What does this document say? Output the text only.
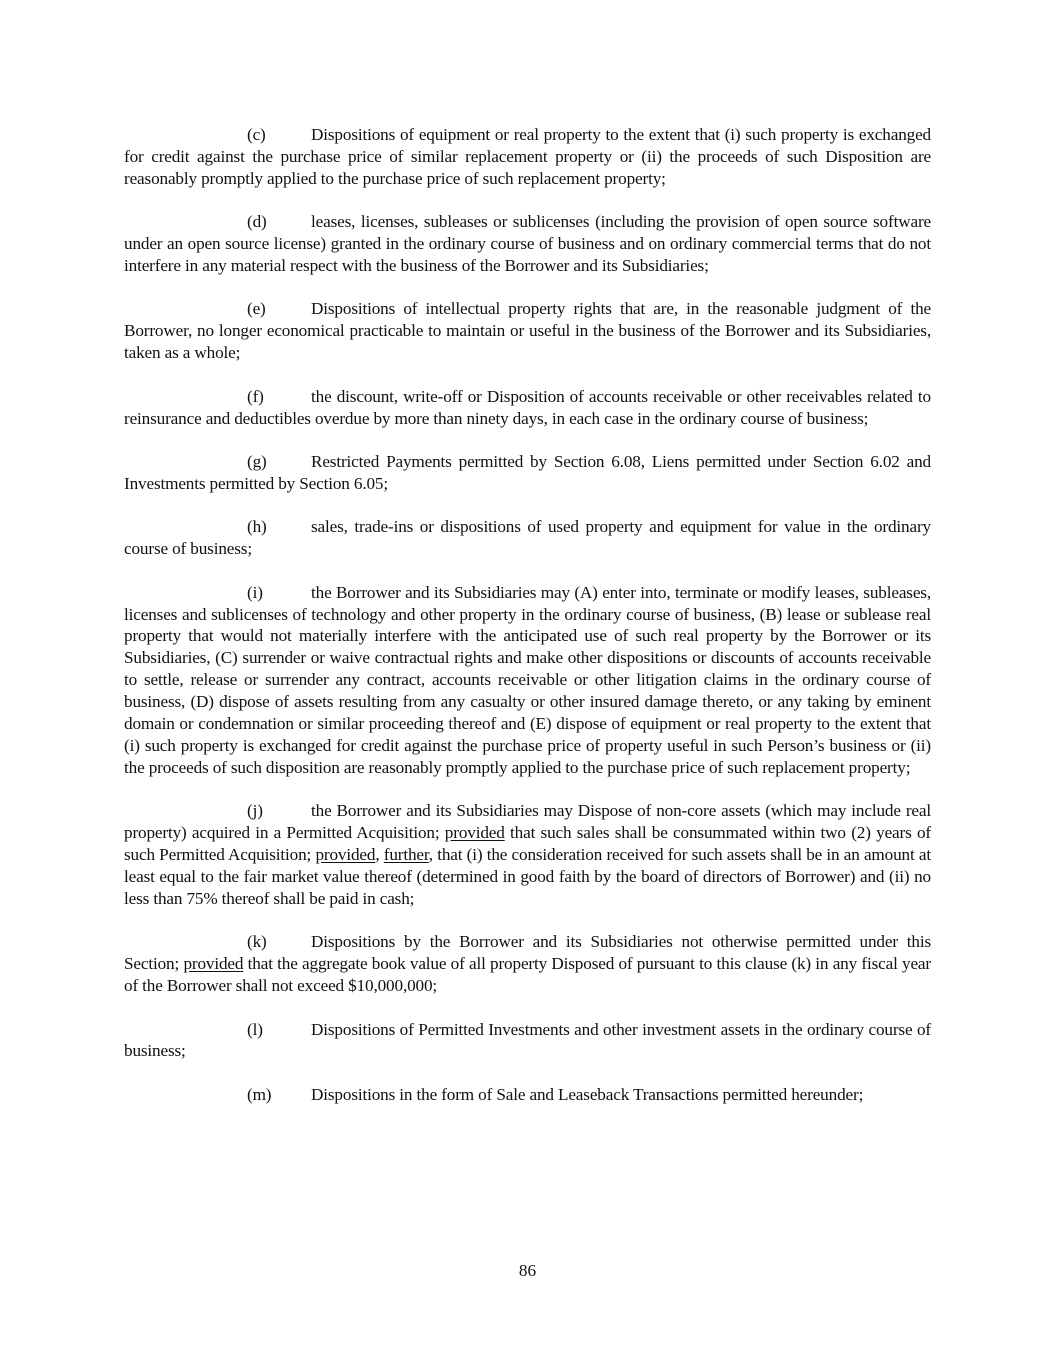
(c)	Dispositions of equipment or real property to the extent that (i) such property is exchanged for credit against the purchase price of similar replacement property or (ii) the proceeds of such Disposition are reasonably promptly applied to the purchase price of such replacement property;

(d)	leases, licenses, subleases or sublicenses (including the provision of open source software under an open source license) granted in the ordinary course of business and on ordinary commercial terms that do not interfere in any material respect with the business of the Borrower and its Subsidiaries;

(e)	Dispositions of intellectual property rights that are, in the reasonable judgment of the Borrower, no longer economical practicable to maintain or useful in the business of the Borrower and its Subsidiaries, taken as a whole;

(f)	the discount, write-off or Disposition of accounts receivable or other receivables related to reinsurance and deductibles overdue by more than ninety days, in each case in the ordinary course of business;

(g)	Restricted Payments permitted by Section 6.08, Liens permitted under Section 6.02 and Investments permitted by Section 6.05;

(h)	sales, trade-ins or dispositions of used property and equipment for value in the ordinary course of business;

(i)	the Borrower and its Subsidiaries may (A) enter into, terminate or modify leases, subleases, licenses and sublicenses of technology and other property in the ordinary course of business, (B) lease or sublease real property that would not materially interfere with the anticipated use of such real property by the Borrower or its Subsidiaries, (C) surrender or waive contractual rights and make other dispositions or discounts of accounts receivable to settle, release or surrender any contract, accounts receivable or other litigation claims in the ordinary course of business, (D) dispose of assets resulting from any casualty or other insured damage thereto, or any taking by eminent domain or condemnation or similar proceeding thereof and (E) dispose of equipment or real property to the extent that (i) such property is exchanged for credit against the purchase price of property useful in such Person’s business or (ii) the proceeds of such disposition are reasonably promptly applied to the purchase price of such replacement property;

(j)	the Borrower and its Subsidiaries may Dispose of non-core assets (which may include real property) acquired in a Permitted Acquisition; provided that such sales shall be consummated within two (2) years of such Permitted Acquisition; provided, further, that (i) the consideration received for such assets shall be in an amount at least equal to the fair market value thereof (determined in good faith by the board of directors of Borrower) and (ii) no less than 75% thereof shall be paid in cash;

(k)	Dispositions by the Borrower and its Subsidiaries not otherwise permitted under this Section; provided that the aggregate book value of all property Disposed of pursuant to this clause (k) in any fiscal year of the Borrower shall not exceed $10,000,000;

(l)	Dispositions of Permitted Investments and other investment assets in the ordinary course of business;

(m) Dispositions in the form of Sale and Leaseback Transactions permitted hereunder;

86
